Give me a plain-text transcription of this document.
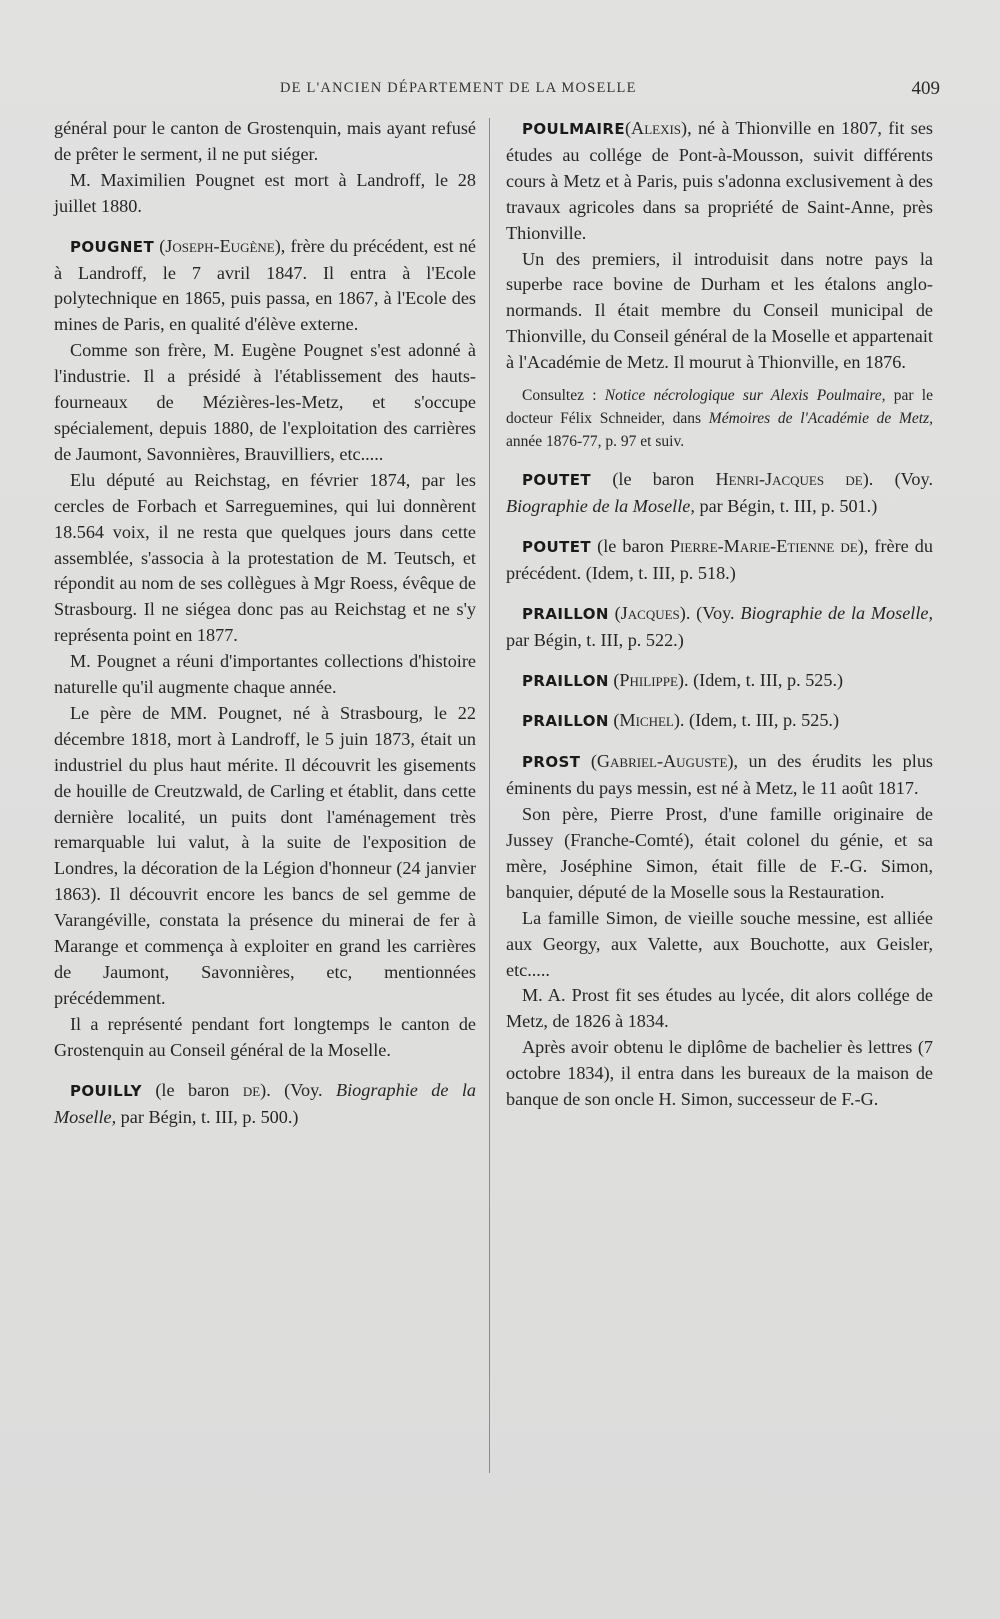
DE L'ANCIEN DÉPARTEMENT DE LA MOSELLE	409

général pour le canton de Grostenquin, mais ayant refusé de prêter le serment, il ne put siéger.

M. Maximilien Pougnet est mort à Landroff, le 28 juillet 1880.

POUGNET (Joseph-Eugène), frère du précédent, est né à Landroff, le 7 avril 1847. Il entra à l'Ecole polytechnique en 1865, puis passa, en 1867, à l'Ecole des mines de Paris, en qualité d'élève externe.

Comme son frère, M. Eugène Pougnet s'est adonné à l'industrie. Il a présidé à l'établissement des hauts-fourneaux de Mézières-les-Metz, et s'occupe spécialement, depuis 1880, de l'exploitation des carrières de Jaumont, Savonnières, Brauvilliers, etc.....

Elu député au Reichstag, en février 1874, par les cercles de Forbach et Sarreguemines, qui lui donnèrent 18.564 voix, il ne resta que quelques jours dans cette assemblée, s'associa à la protestation de M. Teutsch, et répondit au nom de ses collègues à Mgr Roess, évêque de Strasbourg. Il ne siégea donc pas au Reichstag et ne s'y représenta point en 1877.

M. Pougnet a réuni d'importantes collections d'histoire naturelle qu'il augmente chaque année.

Le père de MM. Pougnet, né à Strasbourg, le 22 décembre 1818, mort à Landroff, le 5 juin 1873, était un industriel du plus haut mérite. Il découvrit les gisements de houille de Creutzwald, de Carling et établit, dans cette dernière localité, un puits dont l'aménagement très remarquable lui valut, à la suite de l'exposition de Londres, la décoration de la Légion d'honneur (24 janvier 1863). Il découvrit encore les bancs de sel gemme de Varangéville, constata la présence du minerai de fer à Marange et commença à exploiter en grand les carrières de Jaumont, Savonnières, etc, mentionnées précédemment.

Il a représenté pendant fort longtemps le canton de Grostenquin au Conseil général de la Moselle.

POUILLY (le baron de). (Voy. Biographie de la Moselle, par Bégin, t. III, p. 500.)

POULMAIRE(Alexis), né à Thionville en 1807, fit ses études au collége de Pont-à-Mousson, suivit différents cours à Metz et à Paris, puis s'adonna exclusivement à des travaux agricoles dans sa propriété de Saint-Anne, près Thionville.

Un des premiers, il introduisit dans notre pays la superbe race bovine de Durham et les étalons anglo-normands. Il était membre du Conseil municipal de Thionville, du Conseil général de la Moselle et appartenait à l'Académie de Metz. Il mourut à Thionville, en 1876.

Consultez : Notice nécrologique sur Alexis Poulmaire, par le docteur Félix Schneider, dans Mémoires de l'Académie de Metz, année 1876-77, p. 97 et suiv.

POUTET (le baron Henri-Jacques de). (Voy. Biographie de la Moselle, par Bégin, t. III, p. 501.)

POUTET (le baron Pierre-Marie-Etienne de), frère du précédent. (Idem, t. III, p. 518.)

PRAILLON (Jacques). (Voy. Biographie de la Moselle, par Bégin, t. III, p. 522.)

PRAILLON (Philippe). (Idem, t. III, p. 525.)

PRAILLON (Michel). (Idem, t. III, p. 525.)

PROST (Gabriel-Auguste), un des érudits les plus éminents du pays messin, est né à Metz, le 11 août 1817.

Son père, Pierre Prost, d'une famille originaire de Jussey (Franche-Comté), était colonel du génie, et sa mère, Joséphine Simon, était fille de F.-G. Simon, banquier, député de la Moselle sous la Restauration.

La famille Simon, de vieille souche messine, est alliée aux Georgy, aux Valette, aux Bouchotte, aux Geisler, etc.....

M. A. Prost fit ses études au lycée, dit alors collége de Metz, de 1826 à 1834.

Après avoir obtenu le diplôme de bachelier ès lettres (7 octobre 1834), il entra dans les bureaux de la maison de banque de son oncle H. Simon, successeur de F.-G.
